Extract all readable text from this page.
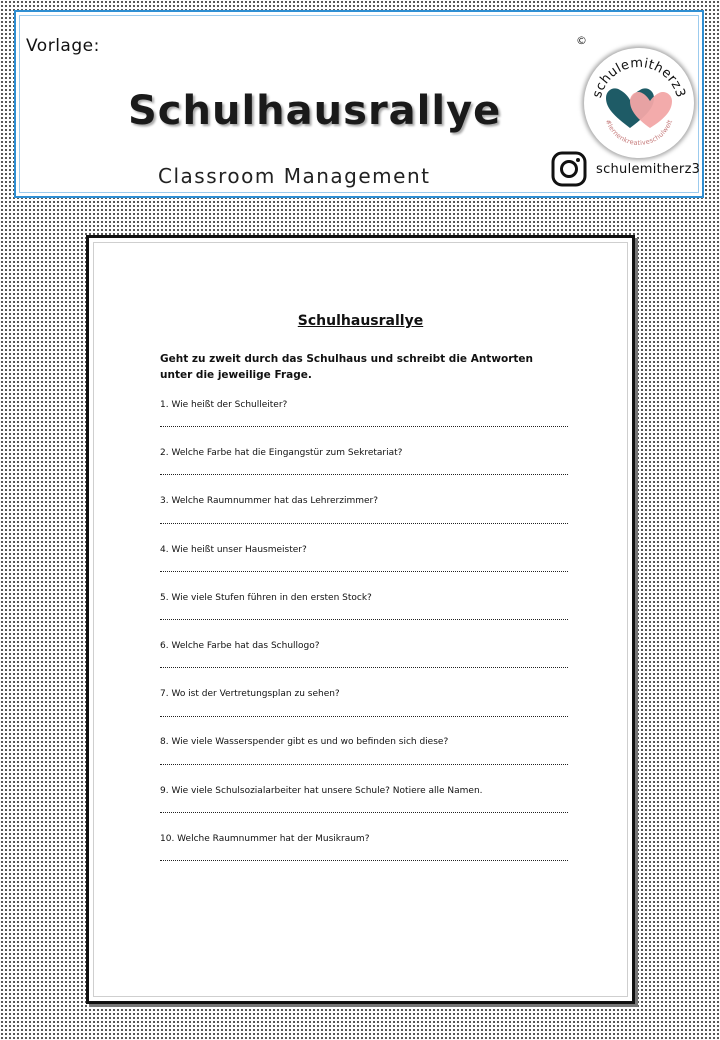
Vorlage:
Schulhausrallye
Classroom Management
©
schulemitherz3
#lernenkreativeschulwelt
schulemitherz3
Schulhausrallye
Geht zu zweit durch das Schulhaus und schreibt die Antworten unter die jeweilige Frage.
1. Wie heißt der Schulleiter?
2. Welche Farbe hat die Eingangstür zum Sekretariat?
3. Welche Raumnummer hat das Lehrerzimmer?
4. Wie heißt unser Hausmeister?
5. Wie viele Stufen führen in den ersten Stock?
6. Welche Farbe hat das Schullogo?
7. Wo ist der Vertretungsplan zu sehen?
8. Wie viele Wasserspender gibt es und wo befinden sich diese?
9. Wie viele Schulsozialarbeiter hat unsere Schule? Notiere alle Namen.
10. Welche Raumnummer hat der Musikraum?
